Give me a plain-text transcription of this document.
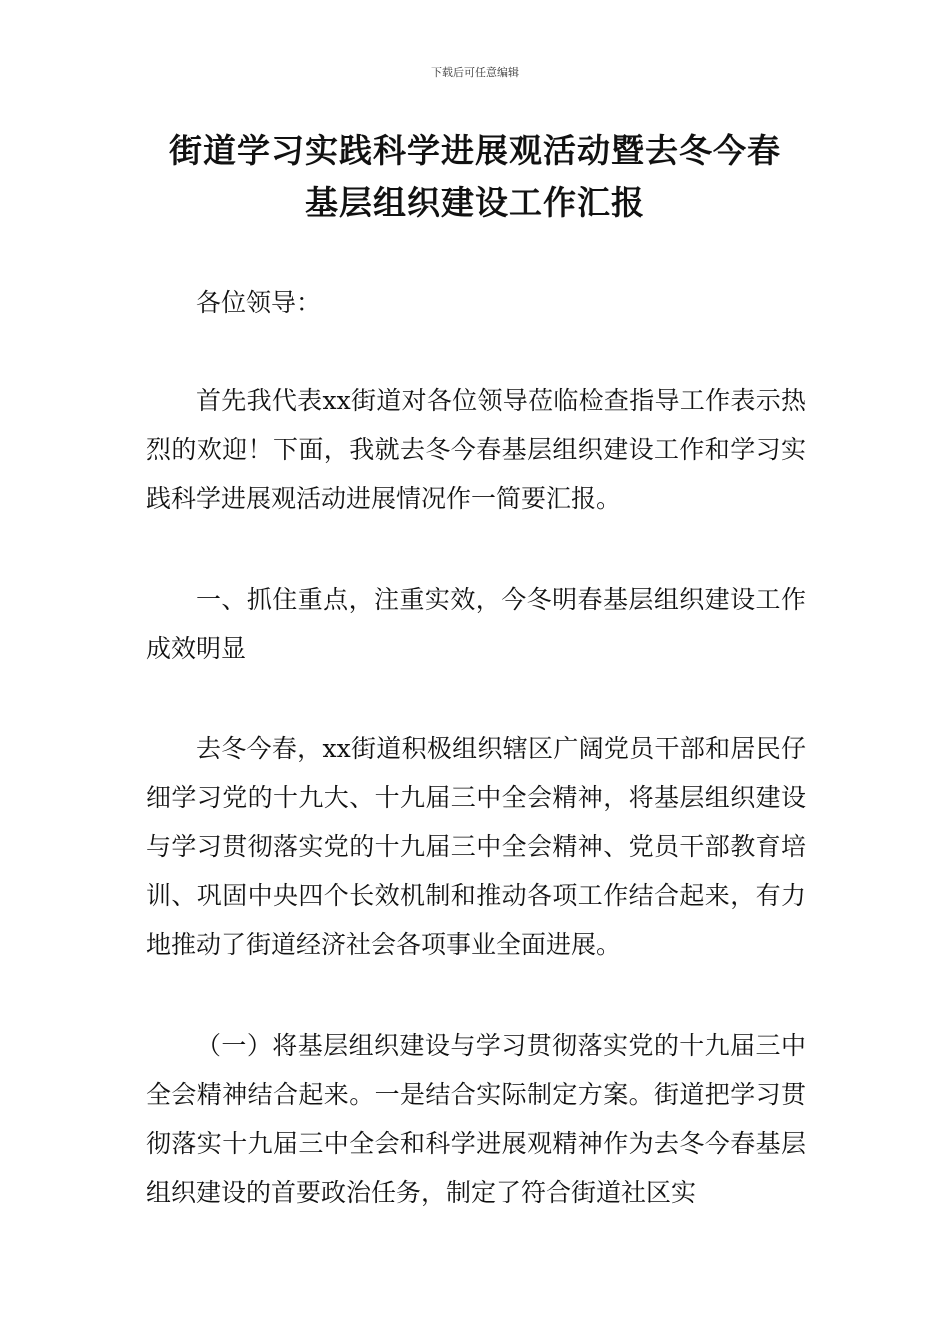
下载后可任意编辑
街道学习实践科学进展观活动暨去冬今春
基层组织建设工作汇报

各位领导：

首先我代表xx街道对各位领导莅临检查指导工作表示热烈的欢迎！下面，我就去冬今春基层组织建设工作和学习实践科学进展观活动进展情况作一简要汇报。

一、抓住重点，注重实效，今冬明春基层组织建设工作成效明显

去冬今春，xx街道积极组织辖区广阔党员干部和居民仔细学习党的十九大、十九届三中全会精神，将基层组织建设与学习贯彻落实党的十九届三中全会精神、党员干部教育培训、巩固中央四个长效机制和推动各项工作结合起来，有力地推动了街道经济社会各项事业全面进展。

（一）将基层组织建设与学习贯彻落实党的十九届三中全会精神结合起来。一是结合实际制定方案。街道把学习贯彻落实十九届三中全会和科学进展观精神作为去冬今春基层组织建设的首要政治任务，制定了符合街道社区实
